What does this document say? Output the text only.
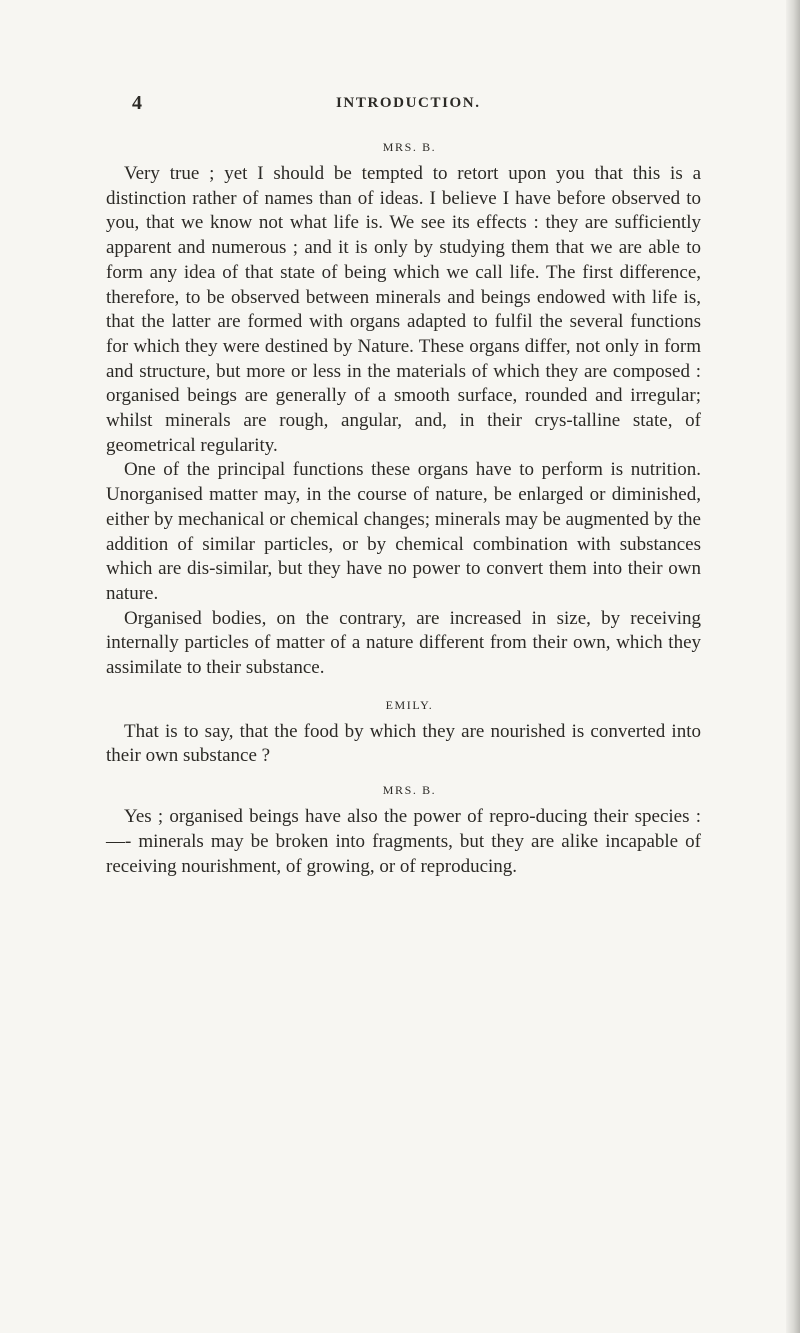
4	INTRODUCTION.
MRS. B.

Very true ; yet I should be tempted to retort upon you that this is a distinction rather of names than of ideas. I believe I have before observed to you, that we know not what life is. We see its effects : they are sufficiently apparent and numerous ; and it is only by studying them that we are able to form any idea of that state of being which we call life. The first difference, therefore, to be observed between minerals and beings endowed with life is, that the latter are formed with organs adapted to fulfil the several functions for which they were destined by Nature. These organs differ, not only in form and structure, but more or less in the materials of which they are composed : organised beings are generally of a smooth surface, rounded and irregular; whilst minerals are rough, angular, and, in their crys-talline state, of geometrical regularity.

One of the principal functions these organs have to perform is nutrition. Unorganised matter may, in the course of nature, be enlarged or diminished, either by mechanical or chemical changes; minerals may be augmented by the addition of similar particles, or by chemical combination with substances which are dis-similar, but they have no power to convert them into their own nature.

Organised bodies, on the contrary, are increased in size, by receiving internally particles of matter of a nature different from their own, which they assimilate to their substance.

EMILY.

That is to say, that the food by which they are nourished is converted into their own substance ?

MRS. B.

Yes ; organised beings have also the power of repro-ducing their species : —- minerals may be broken into fragments, but they are alike incapable of receiving nourishment, of growing, or of reproducing.
